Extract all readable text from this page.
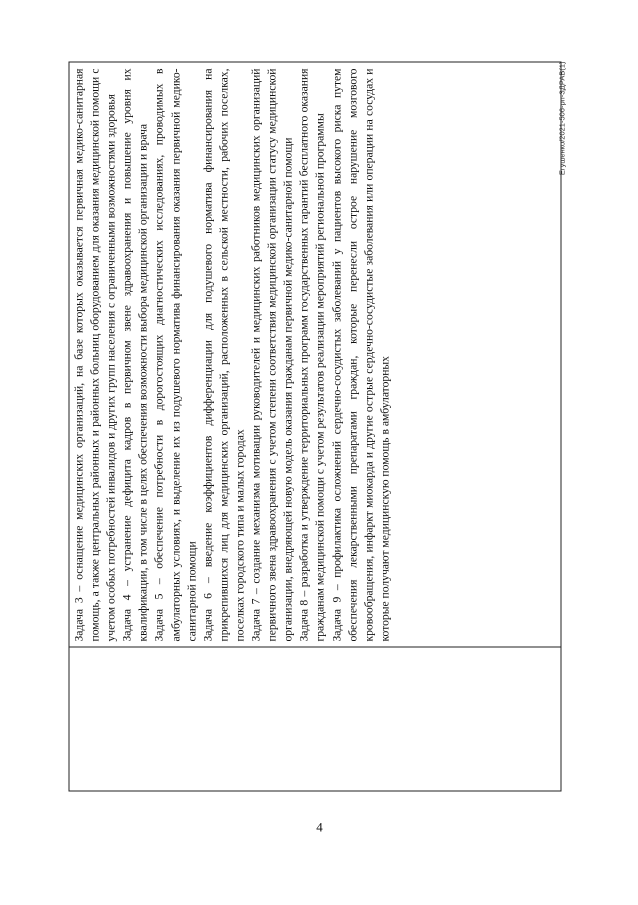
4

Задача 3 – оснащение медицинских организаций, на базе которых оказывается первичная медико-санитарная помощь, а также центральных районных и районных больниц оборудованием для оказания медицинской помощи с учетом особых потребностей инвалидов и других групп населения с ограниченными возможностями здоровья Задача 4 – устранение дефицита кадров в первичном звене здравоохранения и повышение уровня их квалификации, в том числе в целях обеспечения возможности выбора медицинской организации и врача Задача 5 – обеспечение потребности в дорогостоящих диагностических исследованиях, проводимых в амбулаторных условиях, и выделение их из подушевого норматива финансирования оказания первичной медико-санитарной помощи Задача 6 – введение коэффициентов дифференциации для подушевого норматива финансирования на прикрепившихся лиц для медицинских организаций, расположенных в сельской местности, рабочих поселках, поселках городского типа и малых городах Задача 7 – создание механизма мотивации руководителей и медицинских работников медицинских организаций первичного звена здравоохранения с учетом степени соответствия медицинской организации статусу медицинской организации, внедряющей новую модель оказания гражданам первичной медико-санитарной помощи Задача 8 – разработка и утверждение территориальных программ государственных гарантий бесплатного оказания гражданам медицинской помощи с учетом результатов реализации мероприятий региональной программы Задача 9 – профилактика осложнений сердечно-сосудистых заболеваний у пациентов высокого риска путем обеспечения лекарственными препаратами граждан, которые перенесли острое нарушение мозгового кровообращения, инфаркт миокарда и другие острые сердечно-сосудистые заболевания или операции на сосудах и которые получают медицинскую помощь в амбулаторных

Егушенко/2021-506-рп-ЗДРАВ(1)
